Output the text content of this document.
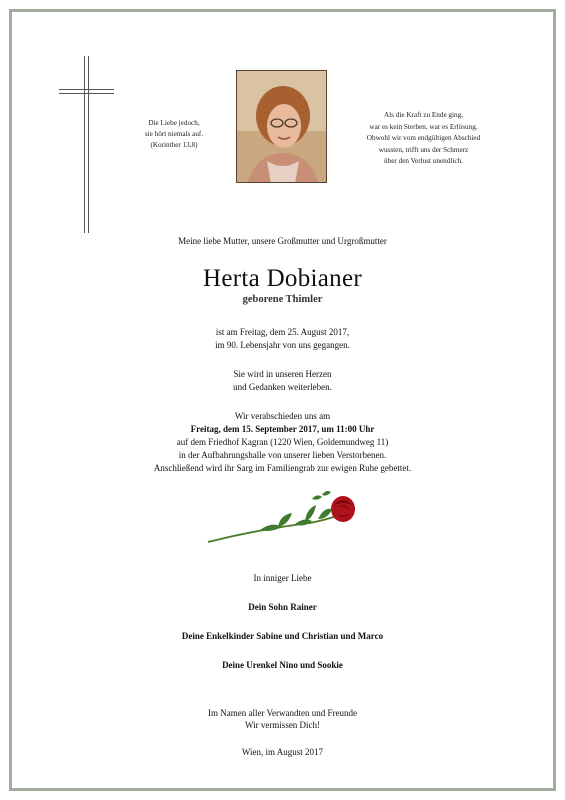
Die Liebe jedoch,
sie hört niemals auf.
(Korinther 13,8)
Als die Kraft zu Ende ging,
war es kein Sterben, war es Erlösung.
Obwohl wir vom endgültigen Abschied
wussten, trifft uns der Schmerz
über den Verlust unendlich.
Meine liebe Mutter, unsere Großmutter und Urgroßmutter
Herta Dobianer
geborene Thimler
ist am Freitag, dem 25. August 2017,
im 90. Lebensjahr von uns gegangen.
Sie wird in unseren Herzen
und Gedanken weiterleben.
Wir verabschieden uns am
Freitag, dem 15. September 2017, um 11:00 Uhr
auf dem Friedhof Kagran (1220 Wien, Goldemundweg 11)
in der Aufbahrungshalle von unserer lieben Verstorbenen.
Anschließend wird ihr Sarg im Familiengrab zur ewigen Ruhe gebettet.
In inniger Liebe
Dein Sohn Rainer
Deine Enkelkinder Sabine und Christian und Marco
Deine Urenkel Nino und Sookie
Im Namen aller Verwandten und Freunde
Wir vermissen Dich!
Wien, im August 2017
